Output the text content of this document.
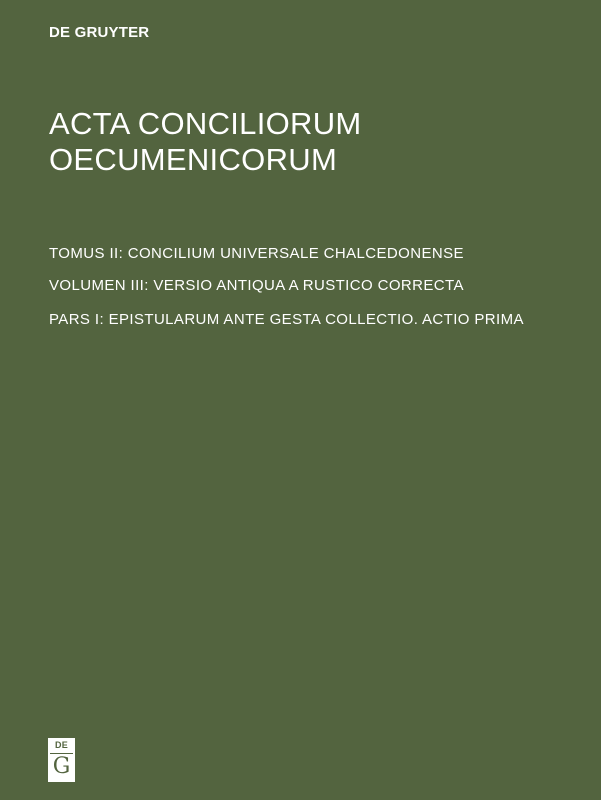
DE GRUYTER
ACTA CONCILIORUM
OECUMENICORUM
TOMUS II: CONCILIUM UNIVERSALE CHALCEDONENSE
VOLUMEN III: VERSIO ANTIQUA A RUSTICO CORRECTA
PARS I: EPISTULARUM ANTE GESTA COLLECTIO. ACTIO PRIMA
DE
G
